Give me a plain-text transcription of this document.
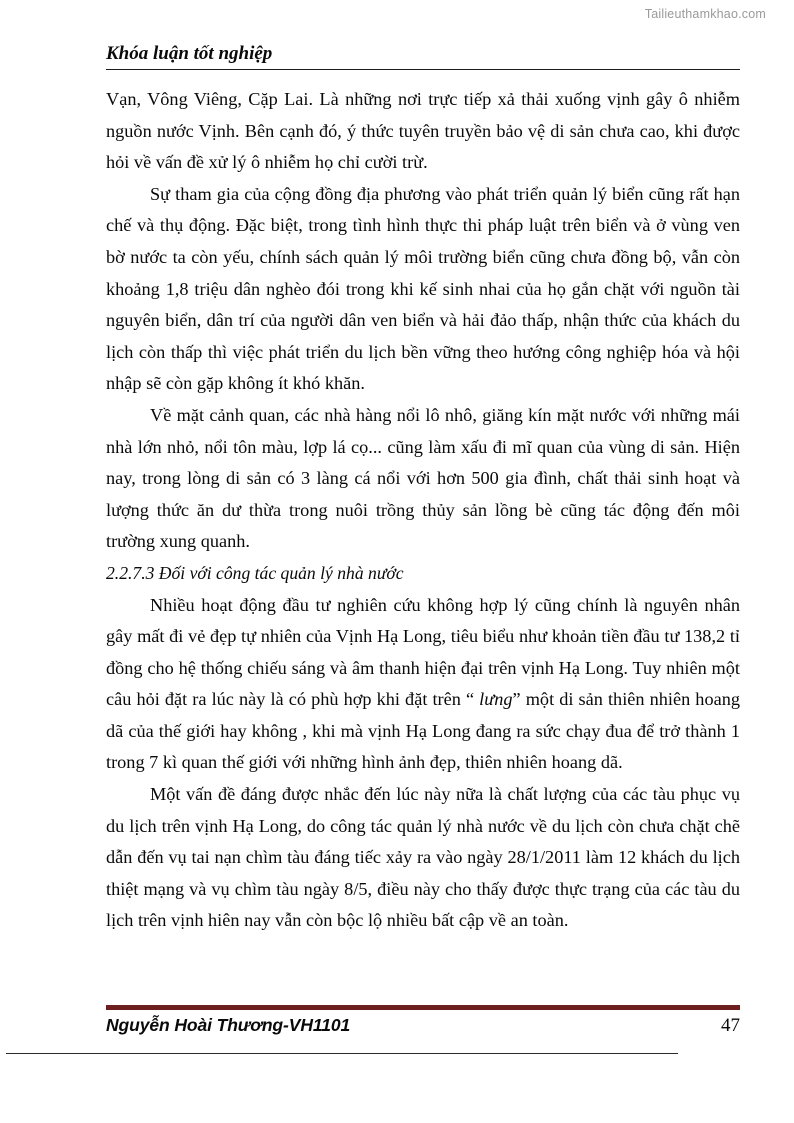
Tailieuthamkhao.com
Khóa luận tốt nghiệp

Vạn, Vông Viêng, Cặp Lai. Là những nơi trực tiếp xả thải xuống vịnh gây ô nhiễm nguồn nước Vịnh. Bên cạnh đó, ý thức tuyên truyền bảo vệ di sản chưa cao, khi được hỏi về vấn đề xử lý ô nhiễm họ chỉ cười trừ.

Sự tham gia của cộng đồng địa phương vào phát triển quản lý biển cũng rất hạn chế và thụ động. Đặc biệt, trong tình hình thực thi pháp luật trên biển và ở vùng ven bờ nước ta còn yếu, chính sách quản lý môi trường biển cũng chưa đồng bộ, vẫn còn khoảng 1,8 triệu dân nghèo đói trong khi kế sinh nhai của họ gắn chặt với nguồn tài nguyên biển, dân trí của người dân ven biển và hải đảo thấp, nhận thức của khách du lịch còn thấp thì việc phát triển du lịch bền vững theo hướng công nghiệp hóa và hội nhập sẽ còn gặp không ít khó khăn.

Về mặt cảnh quan, các nhà hàng nổi lô nhô, giăng kín mặt nước với những mái nhà lớn nhỏ, nổi tôn màu, lợp lá cọ... cũng làm xấu đi mĩ quan của vùng di sản. Hiện nay, trong lòng di sản có 3 làng cá nổi với hơn 500 gia đình, chất thải sinh hoạt và lượng thức ăn dư thừa trong nuôi trồng thủy sản lồng bè cũng tác động đến môi trường xung quanh.

2.2.7.3 Đối với công tác quản lý nhà nước

Nhiều hoạt động đầu tư nghiên cứu không hợp lý cũng chính là nguyên nhân gây mất đi vẻ đẹp tự nhiên của Vịnh Hạ Long, tiêu biểu như khoản tiền đầu tư 138,2 tỉ đồng cho hệ thống chiếu sáng và âm thanh hiện đại trên vịnh Hạ Long. Tuy nhiên một câu hỏi đặt ra lúc này là có phù hợp khi đặt trên “ lưng” một di sản thiên nhiên hoang dã của thế giới hay không , khi mà vịnh Hạ Long đang ra sức chạy đua để trở thành 1 trong 7 kì quan thế giới với những hình ảnh đẹp, thiên nhiên hoang dã.

Một vấn đề đáng được nhắc đến lúc này nữa là chất lượng của các tàu phục vụ du lịch trên vịnh Hạ Long, do công tác quản lý nhà nước về du lịch còn chưa chặt chẽ dẫn đến vụ tai nạn chìm tàu đáng tiếc xảy ra vào ngày 28/1/2011 làm 12 khách du lịch thiệt mạng và vụ chìm tàu ngày 8/5, điều này cho thấy được thực trạng của các tàu du lịch trên vịnh hiên nay vẫn còn bộc lộ nhiều bất cập về an toàn.

Nguyễn Hoài Thương-VH1101	47
